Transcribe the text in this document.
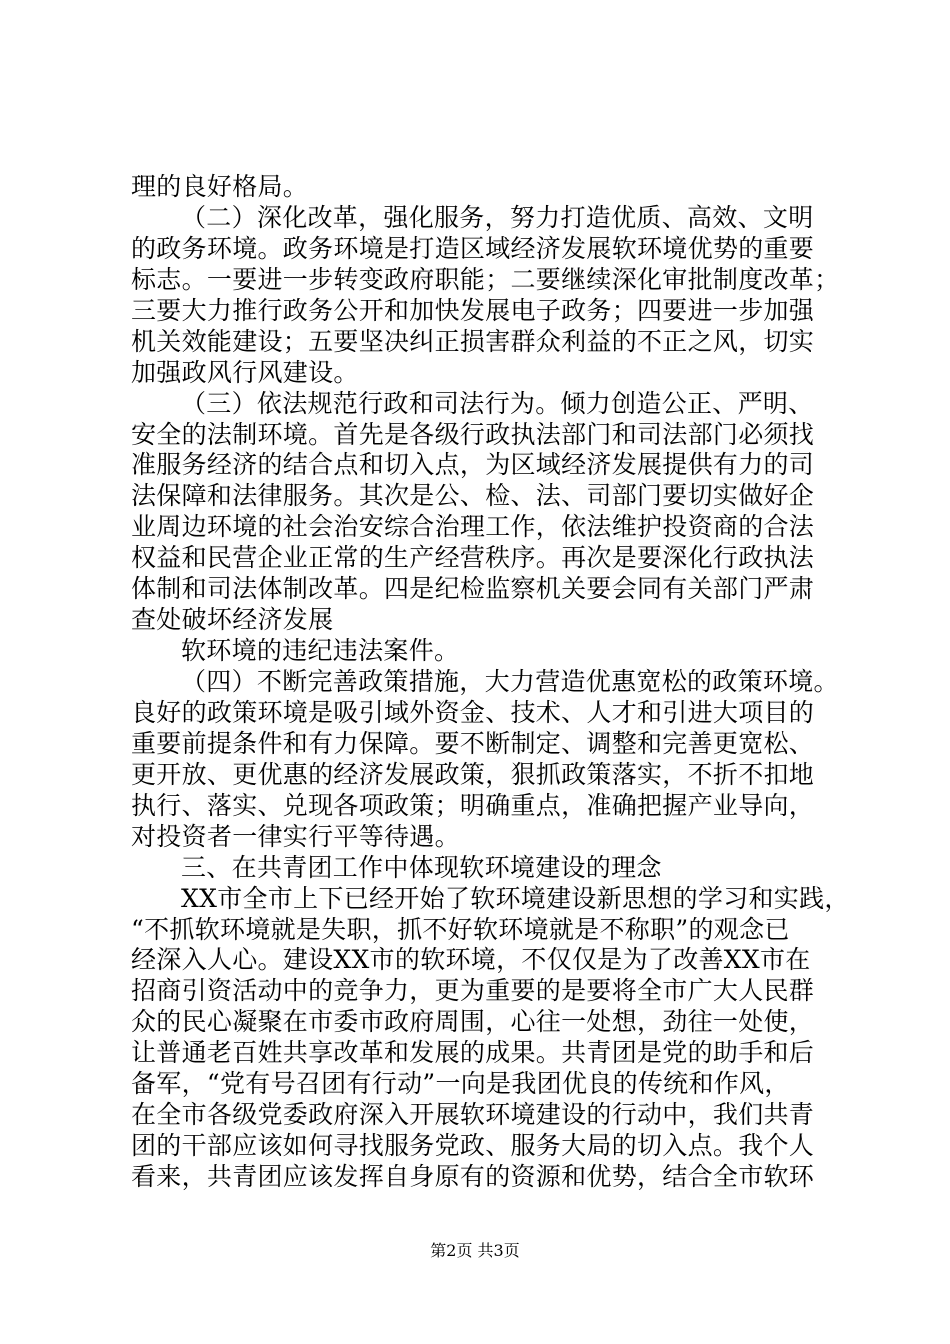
理的良好格局。
（二）深化改革，强化服务，努力打造优质、高效、文明
的政务环境。政务环境是打造区域经济发展软环境优势的重要
标志。一要进一步转变政府职能；二要继续深化审批制度改革；
三要大力推行政务公开和加快发展电子政务；四要进一步加强
机关效能建设；五要坚决纠正损害群众利益的不正之风，切实
加强政风行风建设。
（三）依法规范行政和司法行为。倾力创造公正、严明、
安全的法制环境。首先是各级行政执法部门和司法部门必须找
准服务经济的结合点和切入点，为区域经济发展提供有力的司
法保障和法律服务。其次是公、检、法、司部门要切实做好企
业周边环境的社会治安综合治理工作，依法维护投资商的合法
权益和民营企业正常的生产经营秩序。再次是要深化行政执法
体制和司法体制改革。四是纪检监察机关要会同有关部门严肃
查处破坏经济发展
软环境的违纪违法案件。
（四）不断完善政策措施，大力营造优惠宽松的政策环境。
良好的政策环境是吸引域外资金、技术、人才和引进大项目的
重要前提条件和有力保障。要不断制定、调整和完善更宽松、
更开放、更优惠的经济发展政策，狠抓政策落实，不折不扣地
执行、落实、兑现各项政策；明确重点，准确把握产业导向，
对投资者一律实行平等待遇。
三、在共青团工作中体现软环境建设的理念
XX市全市上下已经开始了软环境建设新思想的学习和实践，
“不抓软环境就是失职，抓不好软环境就是不称职”的观念已
经深入人心。建设XX市的软环境，不仅仅是为了改善XX市在
招商引资活动中的竞争力，更为重要的是要将全市广大人民群
众的民心凝聚在市委市政府周围，心往一处想，劲往一处使，
让普通老百姓共享改革和发展的成果。共青团是党的助手和后
备军，“党有号召团有行动”一向是我团优良的传统和作风，
在全市各级党委政府深入开展软环境建设的行动中，我们共青
团的干部应该如何寻找服务党政、服务大局的切入点。我个人
看来，共青团应该发挥自身原有的资源和优势，结合全市软环
第2页 共3页
